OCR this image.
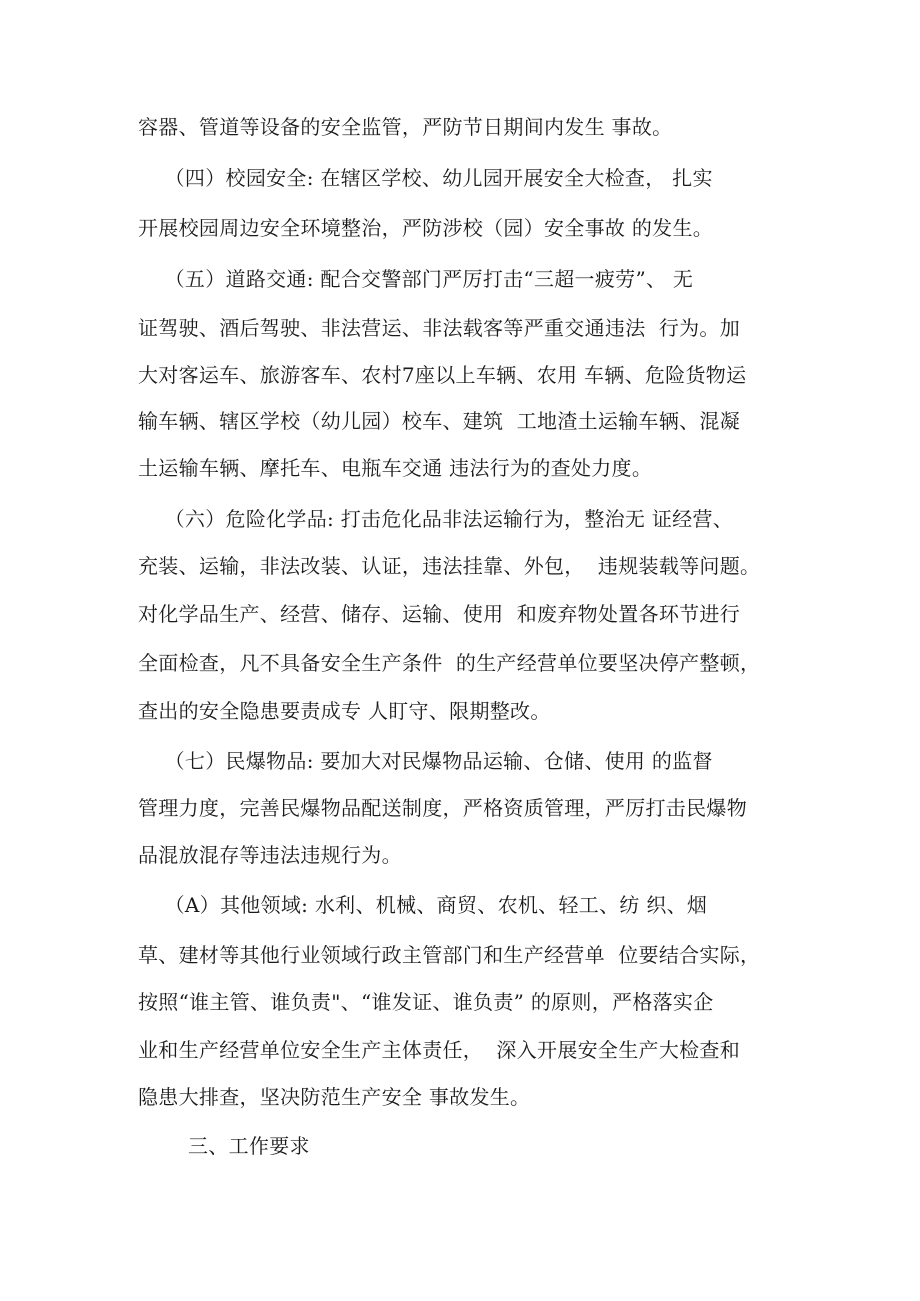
容器、管道等设备的安全监管，严防节日期间内发生 事故。
（四）校园安全: 在辖区学校、幼儿园开展安全大检查， 扎实
开展校园周边安全环境整治，严防涉校（园）安全事故 的发生。
（五）道路交通: 配合交警部门严厉打击“三超一疲劳”、 无
证驾驶、酒后驾驶、非法营运、非法载客等严重交通违法  行为。加
大对客运车、旅游客车、农村7座以上车辆、农用 车辆、危险货物运
输车辆、辖区学校（幼儿园）校车、建筑  工地渣土运输车辆、混凝
土运输车辆、摩托车、电瓶车交通 违法行为的查处力度。
（六）危险化学品: 打击危化品非法运输行为，整治无 证经营、
充装、运输，非法改装、认证，违法挂靠、外包，  违规装载等问题。
对化学品生产、经营、储存、运输、使用  和废弃物处置各环节进行
全面检查，凡不具备安全生产条件  的生产经营单位要坚决停产整顿，
查出的安全隐患要责成专 人盯守、限期整改。
（七）民爆物品: 要加大对民爆物品运输、仓储、使用 的监督
管理力度，完善民爆物品配送制度，严格资质管理，严厉打击民爆物
品混放混存等违法违规行为。
（A）其他领域: 水利、机械、商贸、农机、轻工、纺 织、烟
草、建材等其他行业领域行政主管部门和生产经营单  位要结合实际，
按照“谁主管、谁负责"、“谁发证、谁负责” 的原则，严格落实企
业和生产经营单位安全生产主体责任，  深入开展安全生产大检查和
隐患大排查，坚决防范生产安全 事故发生。
三、工作要求
